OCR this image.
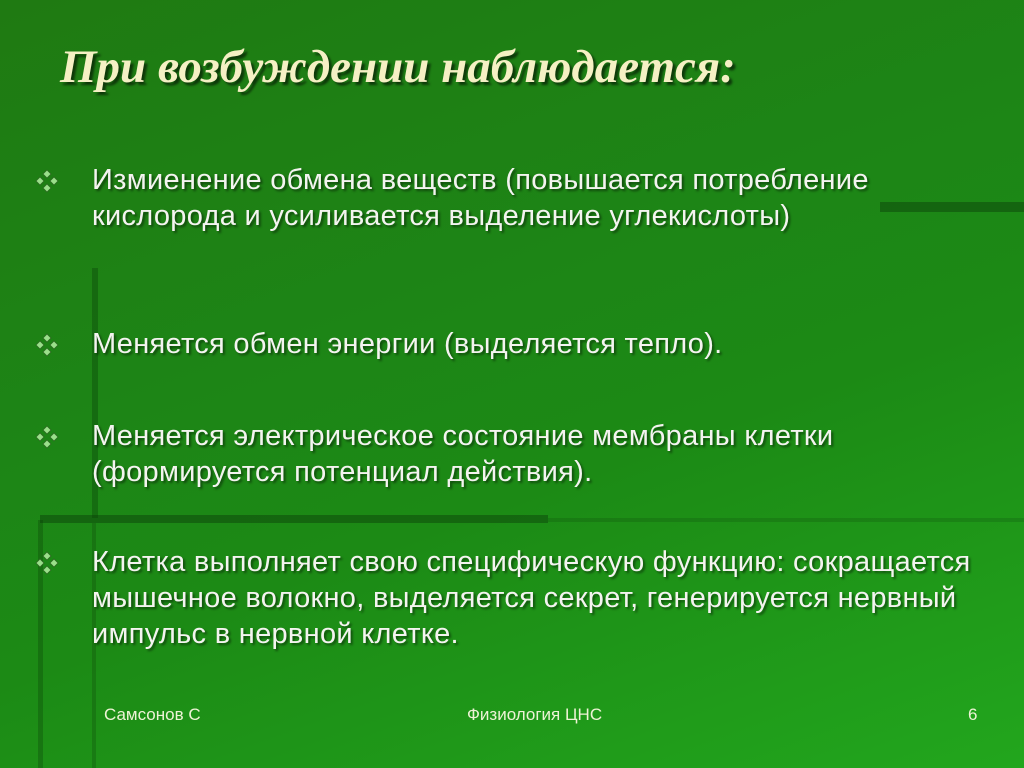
При возбуждении наблюдается:
Измиенение обмена веществ (повышается потребление кислорода и усиливается выделение углекислоты)
Меняется обмен энергии (выделяется тепло).
Меняется электрическое состояние мембраны клетки (формируется потенциал действия).
Клетка выполняет свою специфическую функцию: сокращается мышечное волокно, выделяется секрет, генерируется нервный импульс в нервной клетке.
Самсонов С	Физиология ЦНС	6
